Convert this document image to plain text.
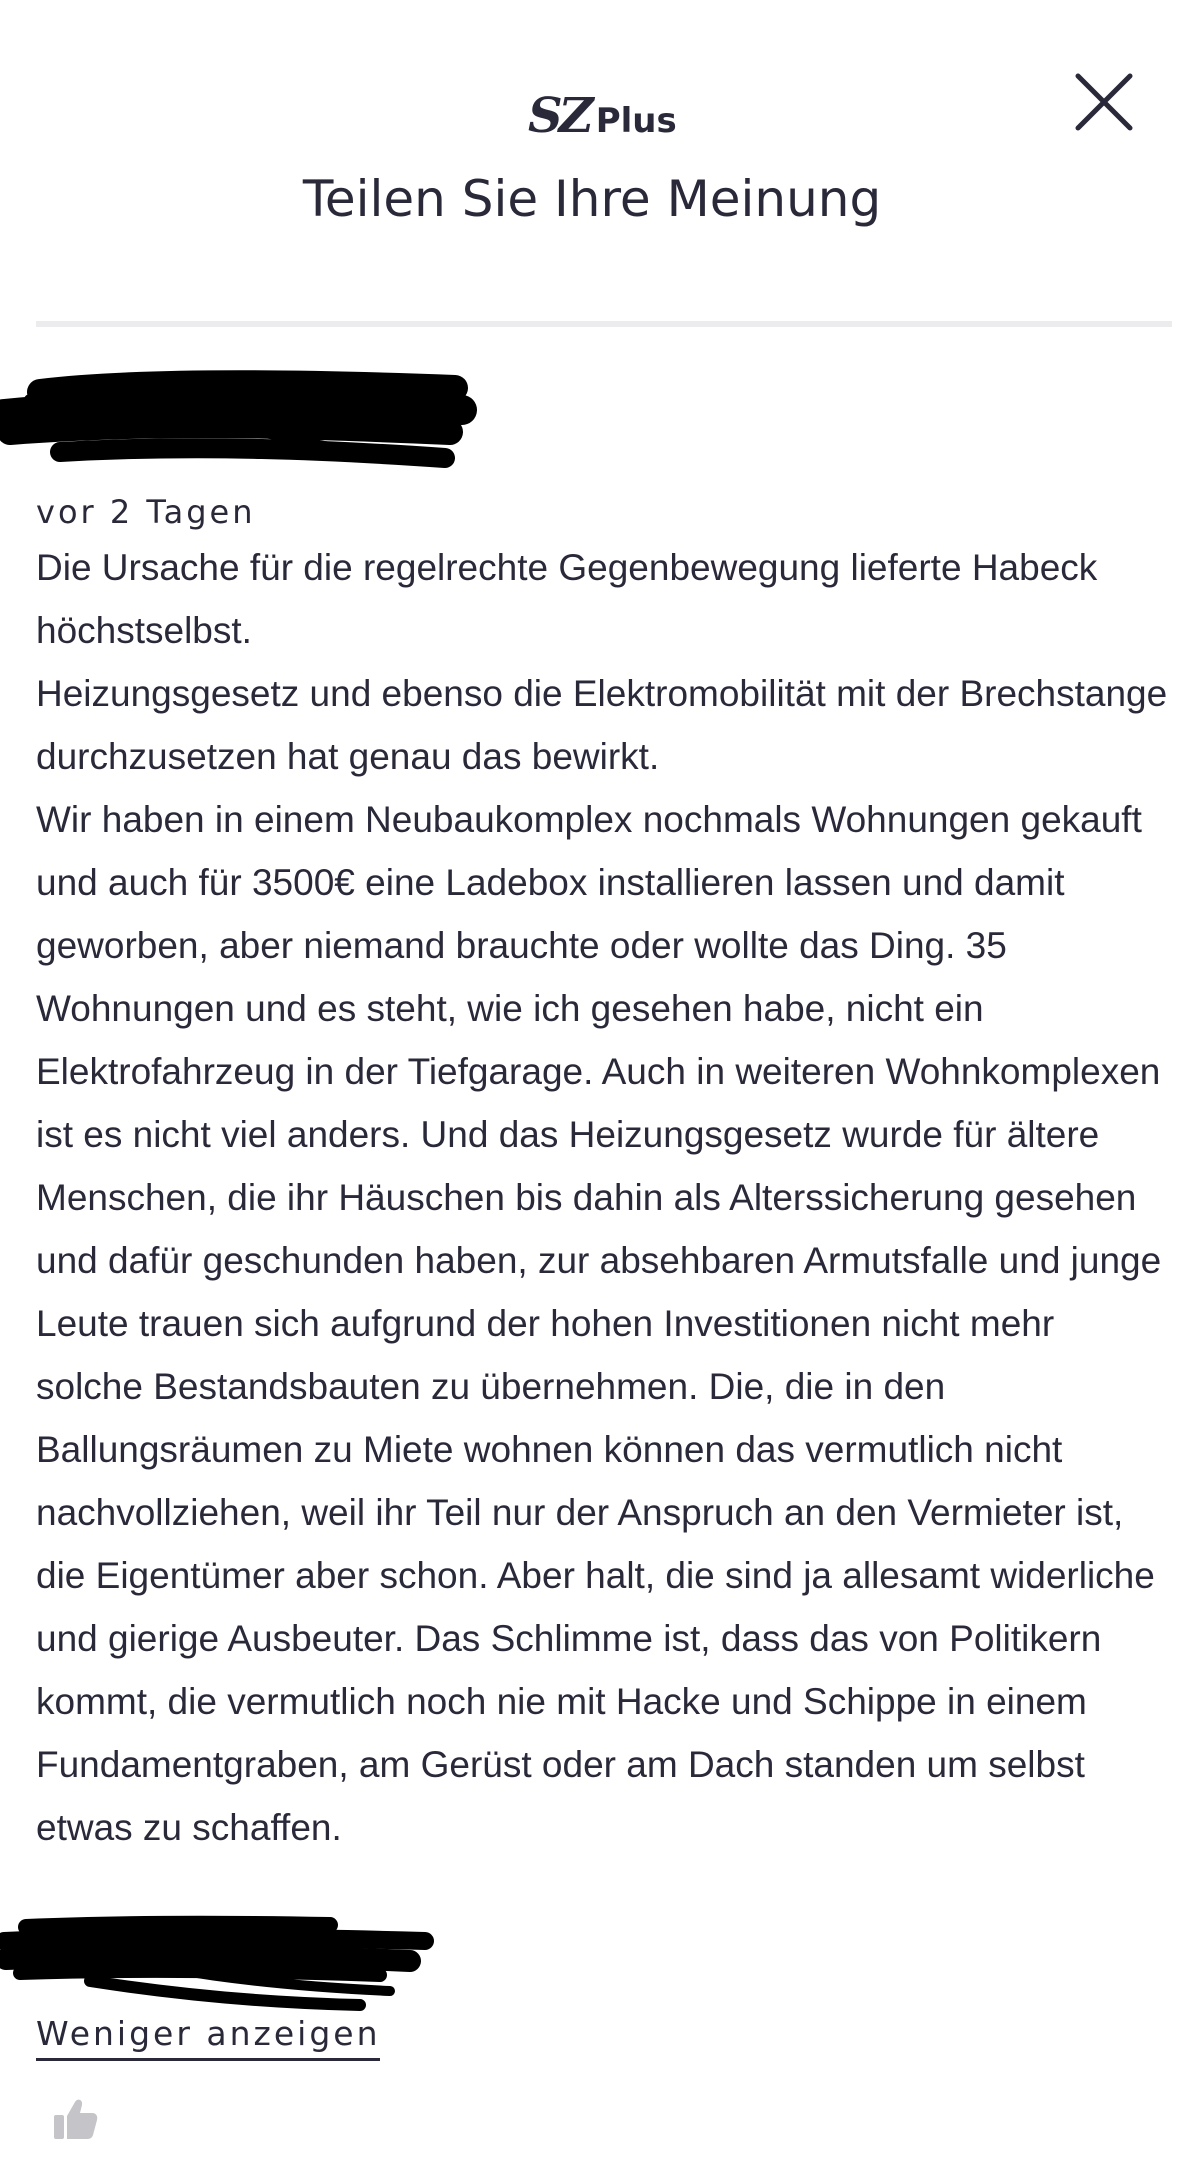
SZ Plus
Teilen Sie Ihre Meinung
vor 2 Tagen

Die Ursache für die regelrechte Gegenbewegung lieferte Habeck höchstselbst.

Heizungsgesetz und ebenso die Elektromobilität mit der Brechstange durchzusetzen hat genau das bewirkt.

Wir haben in einem Neubaukomplex nochmals Wohnungen gekauft und auch für 3500€ eine Ladebox installieren lassen und damit geworben, aber niemand brauchte oder wollte das Ding. 35 Wohnungen und es steht, wie ich gesehen habe, nicht ein Elektrofahrzeug in der Tiefgarage. Auch in weiteren Wohnkomplexen ist es nicht viel anders. Und das Heizungsgesetz wurde für ältere Menschen, die ihr Häuschen bis dahin als Alterssicherung gesehen und dafür geschunden haben, zur absehbaren Armutsfalle und junge Leute trauen sich aufgrund der hohen Investitionen nicht mehr solche Bestandsbauten zu übernehmen. Die, die in den Ballungsräumen zu Miete wohnen können das vermutlich nicht nachvollziehen, weil ihr Teil nur der Anspruch an den Vermieter ist, die Eigentümer aber schon. Aber halt, die sind ja allesamt widerliche und gierige Ausbeuter. Das Schlimme ist, dass das von Politikern kommt, die vermutlich noch nie mit Hacke und Schippe in einem Fundamentgraben, am Gerüst oder am Dach standen um selbst etwas zu schaffen.

Weniger anzeigen
